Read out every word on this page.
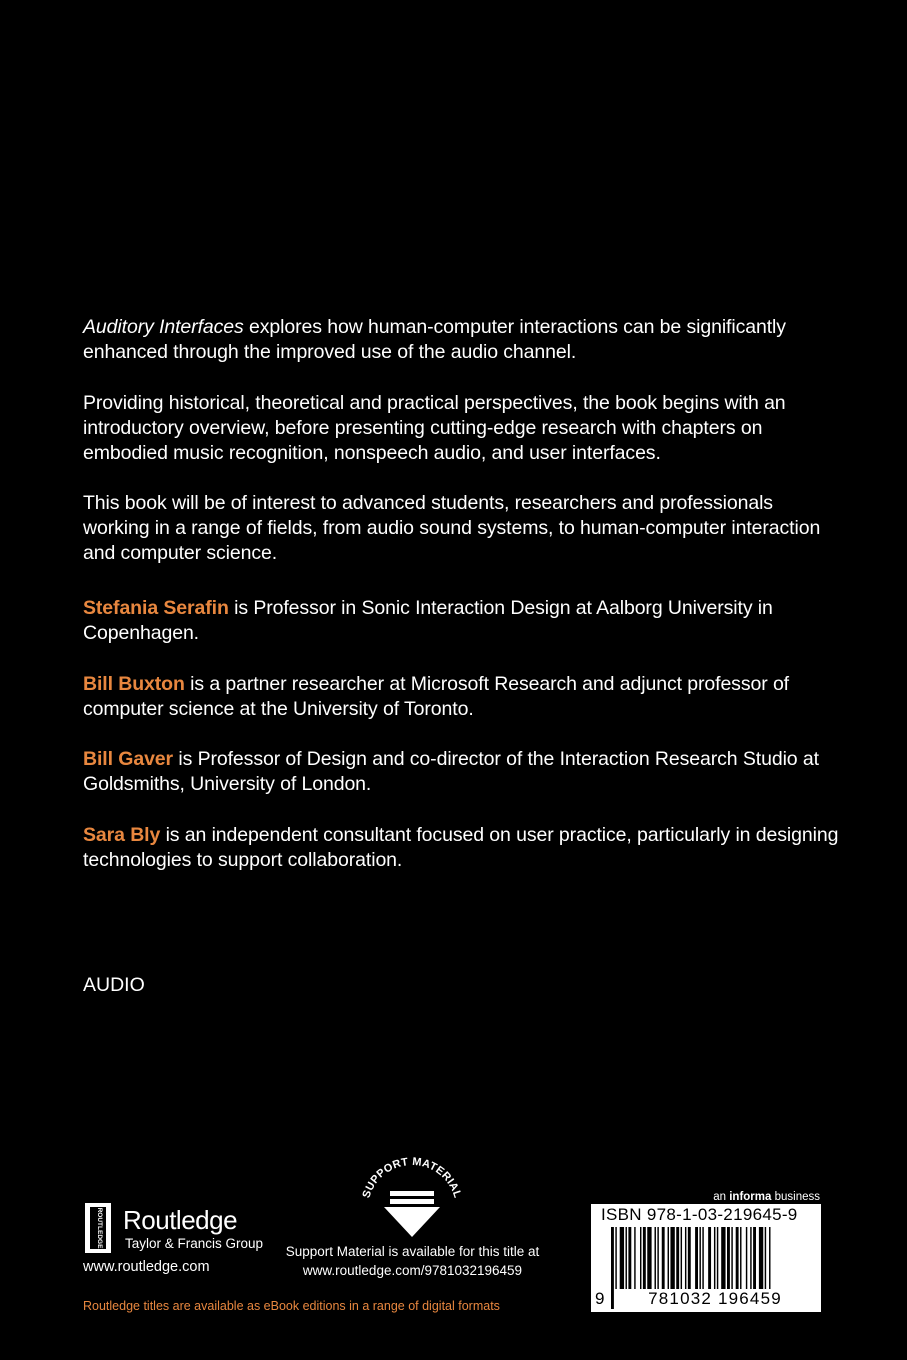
Auditory Interfaces explores how human-computer interactions can be significantly enhanced through the improved use of the audio channel.

Providing historical, theoretical and practical perspectives, the book begins with an introductory overview, before presenting cutting-edge research with chapters on embodied music recognition, nonspeech audio, and user interfaces.

This book will be of interest to advanced students, researchers and professionals working in a range of fields, from audio sound systems, to human-computer interaction and computer science.

Stefania Serafin is Professor in Sonic Interaction Design at Aalborg University in Copenhagen.

Bill Buxton is a partner researcher at Microsoft Research and adjunct professor of computer science at the University of Toronto.

Bill Gaver is Professor of Design and co-director of the Interaction Research Studio at Goldsmiths, University of London.

Sara Bly is an independent consultant focused on user practice, particularly in designing technologies to support collaboration.

AUDIO

ROUTLEDGE Routledge
Taylor & Francis Group

www.routledge.com

SUPPORT MATERIAL

Support Material is available for this title at
www.routledge.com/9781032196459

an informa business

ISBN 978-1-03-219645-9
9	781032 196459

Routledge titles are available as eBook editions in a range of digital formats
